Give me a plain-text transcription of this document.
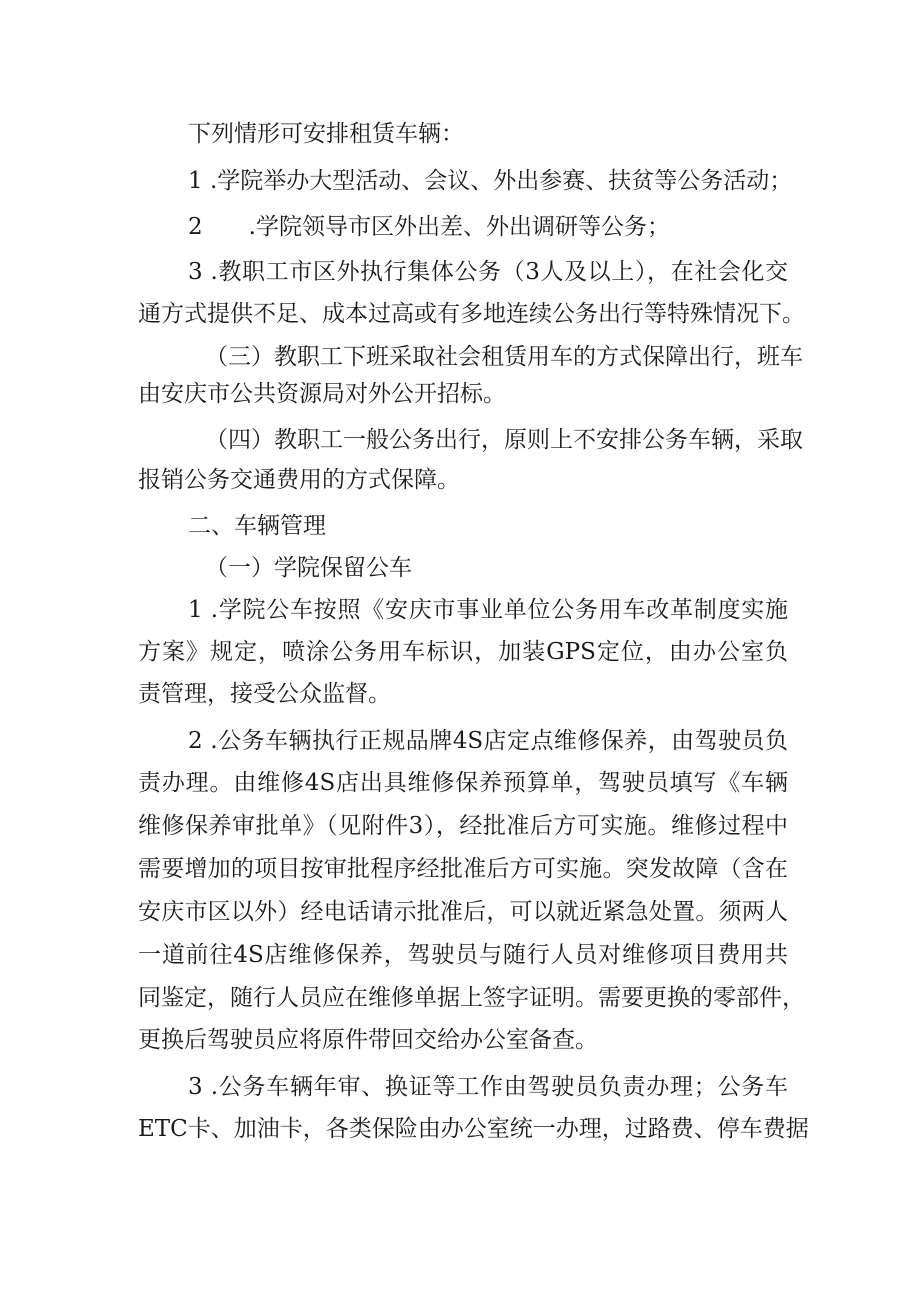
下列情形可安排租赁车辆：
1 .学院举办大型活动、会议、外出参赛、扶贫等公务活动；
2　　.学院领导市区外出差、外出调研等公务；
3 .教职工市区外执行集体公务（3人及以上），在社会化交
通方式提供不足、成本过高或有多地连续公务出行等特殊情况下。
（三）教职工下班采取社会租赁用车的方式保障出行，班车
由安庆市公共资源局对外公开招标。
（四）教职工一般公务出行，原则上不安排公务车辆，采取
报销公务交通费用的方式保障。
二、车辆管理
（一）学院保留公车
1 .学院公车按照《安庆市事业单位公务用车改革制度实施
方案》规定，喷涂公务用车标识，加装GPS定位，由办公室负
责管理，接受公众监督。
2 .公务车辆执行正规品牌4S店定点维修保养，由驾驶员负
责办理。由维修4S店出具维修保养预算单，驾驶员填写《车辆
维修保养审批单》（见附件3），经批准后方可实施。维修过程中
需要增加的项目按审批程序经批准后方可实施。突发故障（含在
安庆市区以外）经电话请示批准后，可以就近紧急处置。须两人
一道前往4S店维修保养，驾驶员与随行人员对维修项目费用共
同鉴定，随行人员应在维修单据上签字证明。需要更换的零部件，
更换后驾驶员应将原件带回交给办公室备查。
3 .公务车辆年审、换证等工作由驾驶员负责办理；公务车
ETC卡、加油卡，各类保险由办公室统一办理，过路费、停车费据
